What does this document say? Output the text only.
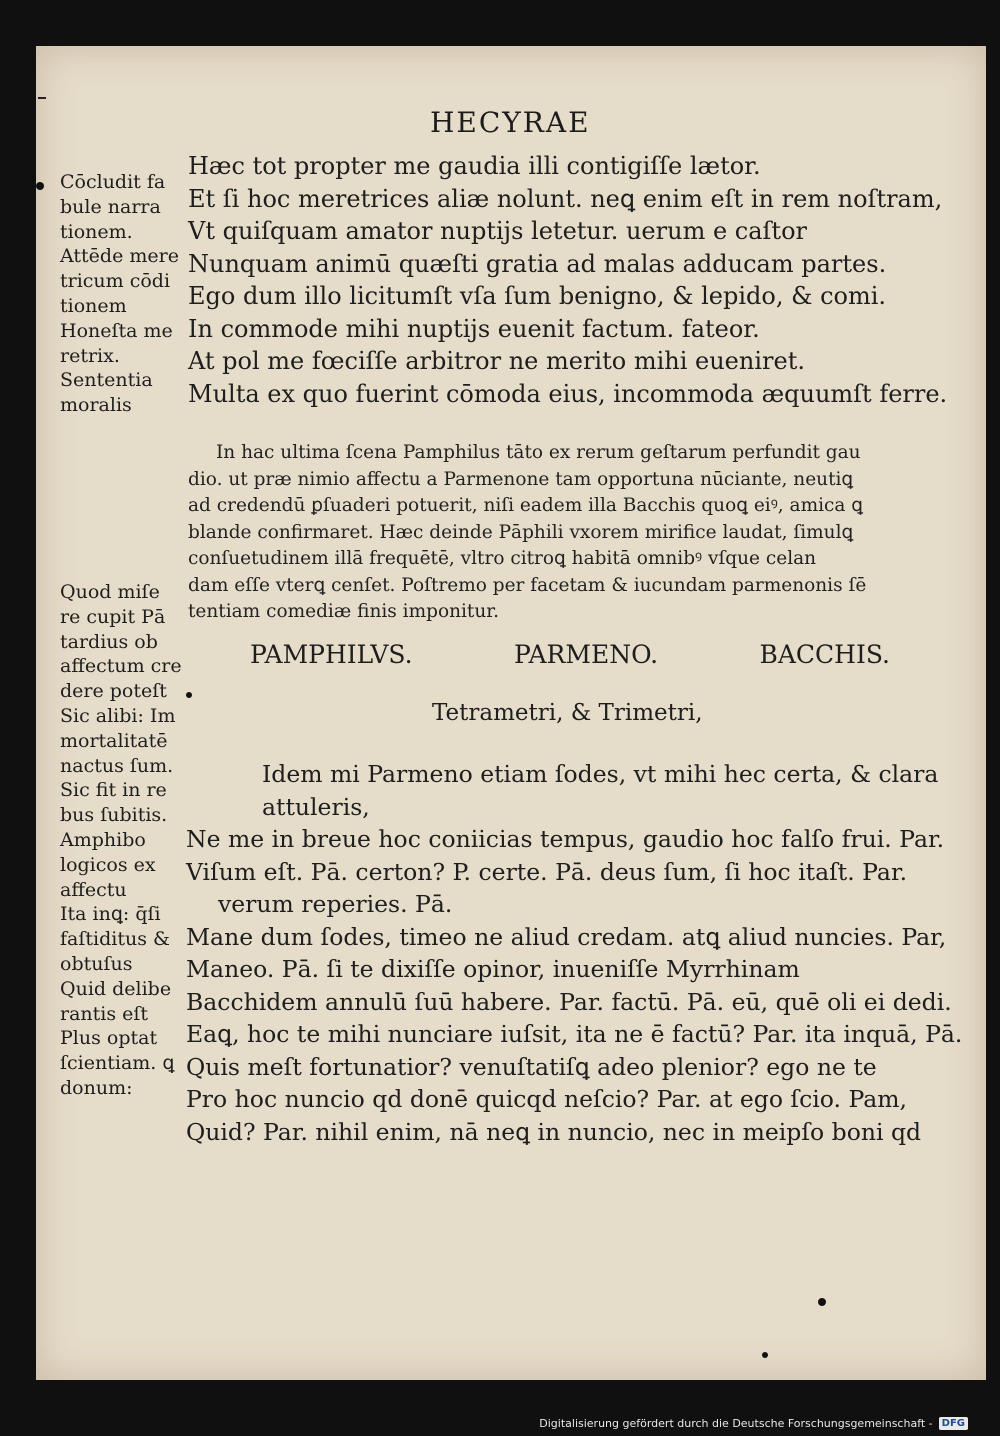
HECYRAE
Hæc tot propter me gaudia illi contigiſſe lætor.
Et ſi hoc meretrices aliæ nolunt. neꝗ enim eſt in rem noſtram,
Vt quiſquam amator nuptijs letetur. uerum e caſtor
Nunquam animū quæſti gratia ad malas adducam partes.
Ego dum illo licitumſt vſa ſum benigno, & lepido, & comi.
In commode mihi nuptijs euenit factum. fateor.
At pol me fœciſſe arbitror ne merito mihi eueniret.
Multa ex quo fuerint cōmoda eius, incommoda æquumſt ferre.
Cōcludit fa
bule narra
tionem.
Attēde mere
tricum cōdi
tionem
Honeſta me
retrix.
Sententia
moralis

In hac ultima ſcena Pamphilus tāto ex rerum geſtarum perfundit gau
dio. ut præ nimio affectu a Parmenone tam opportuna nūciante, neutiꝗ
ad credendū ꝑſuaderi potuerit, niſi eadem illa Bacchis quoꝗ eiꝰ, amica ꝗ
blande confirmaret. Hæc deinde Pāphili vxorem mirifice laudat, ſimulꝗ
conſuetudinem illā frequētē, vltro citroꝗ habitā omnibꝰ vſque celan
dam eſſe vterꝗ cenſet. Poſtremo per facetam & iucundam parmenonis ſē
tentiam comediæ finis imponitur.

PAMPHILVS.	PARMENO.	BACCHIS.
Tetrametri, & Trimetri,
Idem mi Parmeno etiam ſodes, vt mihi hec certa, & clara
attuleris,
Ne me in breue hoc coniicias tempus, gaudio hoc falſo frui. Par.
Viſum eſt. Pā. certon? P. certe. Pā. deus ſum, ſi hoc itaſt. Par.
verum reperies. Pā.
Mane dum ſodes, timeo ne aliud credam. atꝗ aliud nuncies. Par,
Maneo. Pā. ſi te dixiſſe opinor, inueniſſe Myrrhinam
Bacchidem annulū ſuū habere. Par. factū. Pā. eū, quē oli ei dedi.
Eaꝗ, hoc te mihi nunciare iuſsit, ita ne ē factū? Par. ita inquā, Pā.
Quis meſt fortunatior? venuſtatiſꝗ adeo plenior? ego ne te
Pro hoc nuncio qd donē quicqd neſcio? Par. at ego ſcio. Pam,
Quid? Par. nihil enim, nā neꝗ in nuncio, nec in meipſo boni qd
Quod miſe
re cupit Pā
tardius ob
affectum cre
dere poteſt
Sic alibi: Im
mortalitatē
nactus ſum.
Sic fit in re
bus ſubitis.
Amphibo
logicos ex
affectu
Ita inꝗ: q̄ſi
faſtiditus &
obtuſus
Quid delibe
rantis eſt
Plus optat
ſcientiam. ꝗ
donum:
Digitalisierung gefördert durch die Deutsche Forschungsgemeinschaft - DFG
